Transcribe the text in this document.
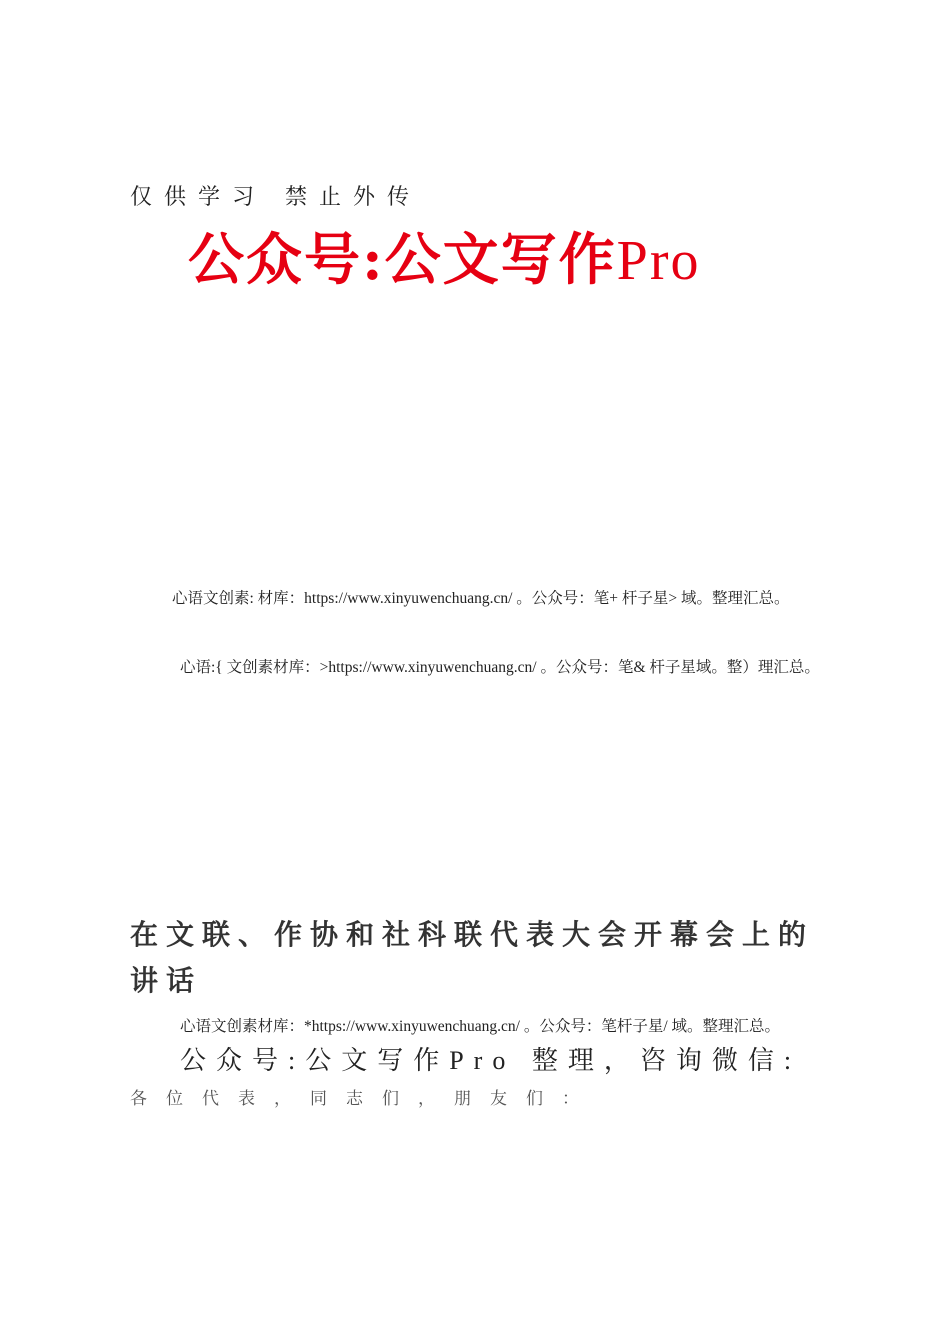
仅供学习 禁止外传
公众号:公文写作Pro
心语文创素: 材库：https://www.xinyuwenchuang.cn/ 。公众号：笔+ 杆子星> 域。整理汇总。
心语:{ 文创素材库：>https://www.xinyuwenchuang.cn/ 。公众号：笔& 杆子星域。整）理汇总。
在文联、作协和社科联代表大会开幕会上的讲话
心语文创素材库：*https://www.xinyuwenchuang.cn/ 。公众号：笔杆子星/ 域。整理汇总。
公众号:公文写作Pro 整理，咨询微信:
各位代表，同志们，朋友们：
